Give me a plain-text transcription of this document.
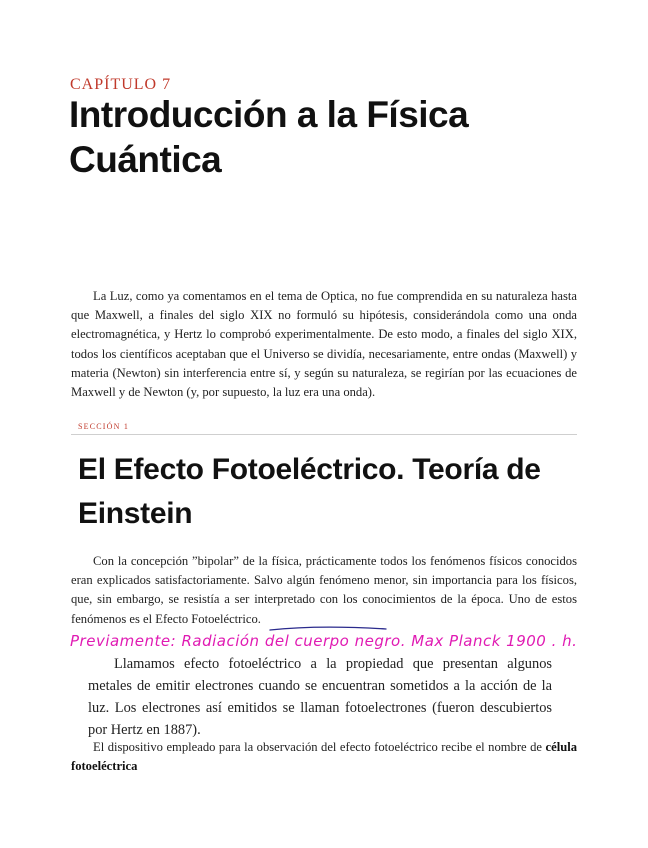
CAPÍTULO 7
Introducción a la Física Cuántica

La Luz, como ya comentamos en el tema de Optica, no fue comprendida en su naturaleza hasta que Maxwell, a finales del siglo XIX no formuló su hipótesis, considerándola como una onda electromagnética, y Hertz lo comprobó experimentalmente. De esto modo, a finales del siglo XIX, todos los científicos aceptaban que el Universo se dividía, necesariamente, entre ondas (Maxwell) y materia (Newton) sin interferencia entre sí, y según su naturaleza, se regirían por las ecuaciones de Maxwell y de Newton (y, por supuesto, la luz era una onda).

SECCIÓN 1
El Efecto Fotoeléctrico. Teoría de Einstein

Con la concepción ”bipolar” de la física, prácticamente todos los fenómenos físicos conocidos eran explicados satisfactoriamente. Salvo algún fenómeno menor, sin importancia para los físicos, que, sin embargo, se resistía a ser interpretado con los conocimientos de la época. Uno de estos fenómenos es el Efecto Fotoeléctrico.

Previamente: Radiación del cuerpo negro. Max Planck 1900 . h.

Llamamos efecto fotoeléctrico a la propiedad que presentan algunos metales de emitir electrones cuando se encuentran sometidos a la acción de la luz. Los electrones así emitidos se llaman fotoelectrones (fueron descubiertos por Hertz en 1887).

El dispositivo empleado para la observación del efecto fotoeléctrico recibe el nombre de célula fotoeléctrica
